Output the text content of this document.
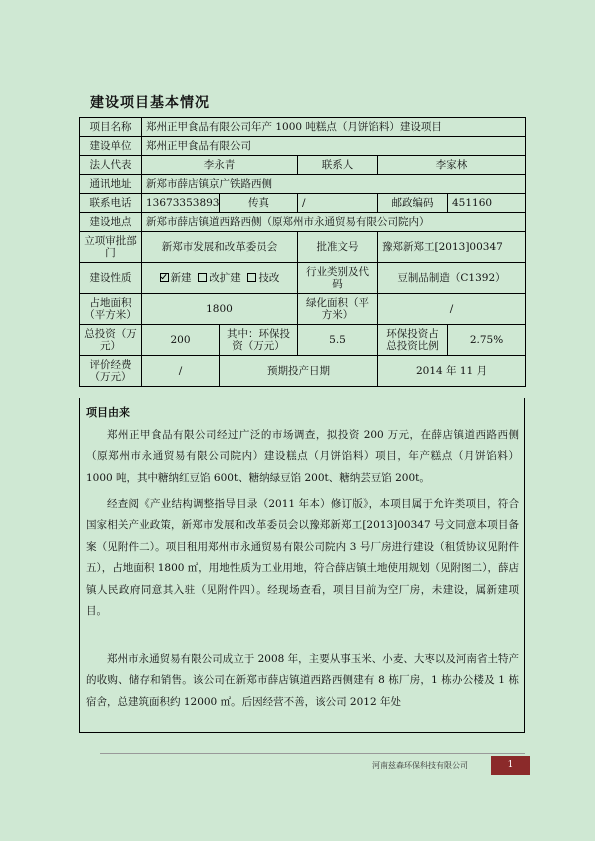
建设项目基本情况
项目名称	郑州正甲食品有限公司年产 1000 吨糕点（月饼馅料）建设项目				
建设单位	郑州正甲食品有限公司				
法人代表	李永青		联系人	李家林	
通讯地址	新郑市薛店镇京广铁路西侧				
联系电话	13673353893	传真	/	邮政编码	451160
建设地点	新郑市薛店镇道西路西侧（原郑州市永通贸易有限公司院内）				
立项审批部门	新郑市发展和改革委员会		批准文号	豫郑新郑工[2013]00347	
建设性质	新建 改扩建 技改		行业类别及代码	豆制品制造（C1392）	
占地面积（平方米）	1800		绿化面积（平方米）	/	
总投资（万元）	200	其中：环保投资（万元）	5.5	环保投资占总投资比例	2.75%
评价经费（万元）	/	预期投产日期		2014 年 11 月	
项目由来
郑州正甲食品有限公司经过广泛的市场调查，拟投资 200 万元，在薛店镇道西路西侧（原郑州市永通贸易有限公司院内）建设糕点（月饼馅料）项目，年产糕点（月饼馅料）1000 吨，其中糖纳红豆馅 600t、糖纳绿豆馅 200t、糖纳芸豆馅 200t。
经查阅《产业结构调整指导目录（2011 年本）修订版》，本项目属于允许类项目，符合国家相关产业政策，新郑市发展和改革委员会以豫郑新郑工[2013]00347 号文同意本项目备案（见附件二）。项目租用郑州市永通贸易有限公司院内 3 号厂房进行建设（租赁协议见附件五），占地面积 1800 ㎡，用地性质为工业用地，符合薛店镇土地使用规划（见附图二），薛店镇人民政府同意其入驻（见附件四）。经现场查看，项目目前为空厂房，未建设，属新建项目。
郑州市永通贸易有限公司成立于 2008 年，主要从事玉米、小麦、大枣以及河南省土特产的收购、储存和销售。该公司在新郑市薛店镇道西路西侧建有 8 栋厂房，1 栋办公楼及 1 栋宿舍，总建筑面积约 12000 ㎡。后因经营不善，该公司 2012 年处
河南兹森环保科技有限公司	1
